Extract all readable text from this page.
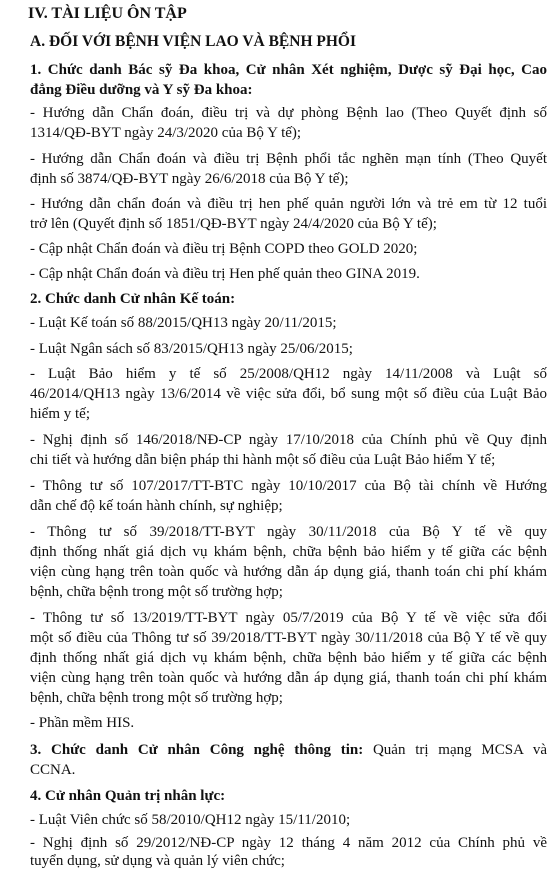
IV. TÀI LIỆU ÔN TẬP
A. ĐỐI VỚI BỆNH VIỆN LAO VÀ BỆNH PHỔI
1. Chức danh Bác sỹ Đa khoa, Cử nhân Xét nghiệm, Dược sỹ Đại học, Cao
đẳng Điều dưỡng và Y sỹ Đa khoa:
- Hướng dẫn Chẩn đoán, điều trị và dự phòng Bệnh lao (Theo Quyết định số
1314/QĐ-BYT ngày 24/3/2020 của Bộ Y tế);
- Hướng dẫn Chẩn đoán và điều trị Bệnh phổi tắc nghẽn mạn tính (Theo Quyết
định số 3874/QĐ-BYT ngày 26/6/2018 của Bộ Y tế);
- Hướng dẫn chẩn đoán và điều trị hen phế quản người lớn và trẻ em từ 12 tuổi
trở lên (Quyết định số 1851/QĐ-BYT ngày 24/4/2020 của Bộ Y tế);
- Cập nhật Chẩn đoán và điều trị Bệnh COPD theo GOLD 2020;
- Cập nhật Chẩn đoán và điều trị Hen phế quản theo GINA 2019.
2. Chức danh Cử nhân Kế toán:
- Luật Kế toán số 88/2015/QH13 ngày 20/11/2015;
- Luật Ngân sách số 83/2015/QH13 ngày 25/06/2015;
- Luật Bảo hiểm y tế số 25/2008/QH12 ngày 14/11/2008 và Luật số
46/2014/QH13 ngày 13/6/2014 về việc sửa đổi, bổ sung một số điều của Luật Bảo
hiểm y tế;
- Nghị định số 146/2018/NĐ-CP ngày 17/10/2018 của Chính phủ về Quy định
chi tiết và hướng dẫn biện pháp thi hành một số điều của Luật Bảo hiểm Y tế;
- Thông tư số 107/2017/TT-BTC ngày 10/10/2017 của Bộ tài chính về Hướng
dẫn chế độ kế toán hành chính, sự nghiệp;
- Thông tư số 39/2018/TT-BYT ngày 30/11/2018 của Bộ Y tế về quy
định thống nhất giá dịch vụ khám bệnh, chữa bệnh bảo hiểm y tế giữa các bệnh
viện cùng hạng trên toàn quốc và hướng dẫn áp dụng giá, thanh toán chi phí khám
bệnh, chữa bệnh trong một số trường hợp;
- Thông tư số 13/2019/TT-BYT ngày 05/7/2019 của Bộ Y tế về việc sửa đổi
một số điều của Thông tư số 39/2018/TT-BYT ngày 30/11/2018 của Bộ Y tế về quy
định thống nhất giá dịch vụ khám bệnh, chữa bệnh bảo hiểm y tế giữa các bệnh
viện cùng hạng trên toàn quốc và hướng dẫn áp dụng giá, thanh toán chi phí khám
bệnh, chữa bệnh trong một số trường hợp;
- Phần mềm HIS.
3. Chức danh Cử nhân Công nghệ thông tin: Quản trị mạng MCSA và
CCNA.
4. Cử nhân Quản trị nhân lực:
- Luật Viên chức số 58/2010/QH12 ngày 15/11/2010;
- Nghị định số 29/2012/NĐ-CP ngày 12 tháng 4 năm 2012 của Chính phủ về
tuyển dụng, sử dụng và quản lý viên chức;
